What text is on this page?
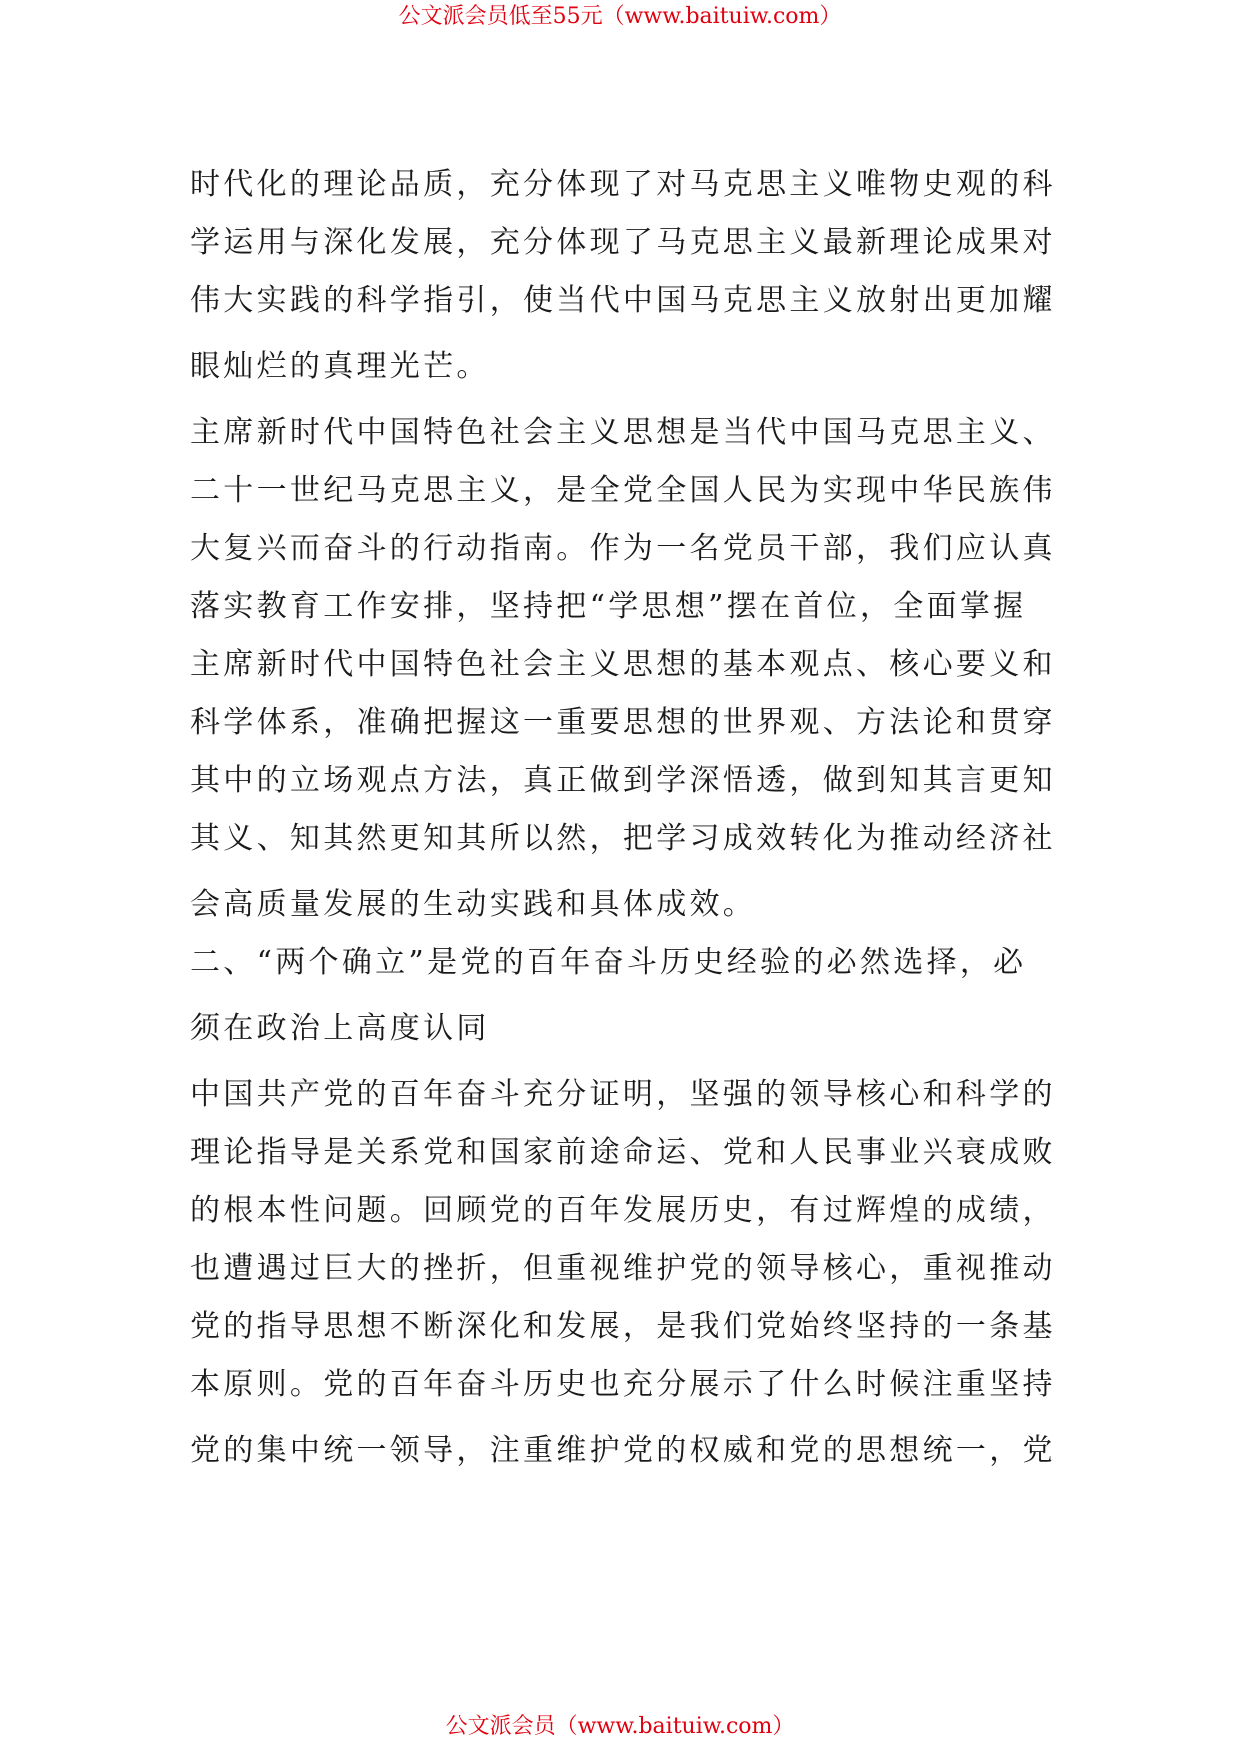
公文派会员低至55元（www.baituiw.com）
时代化的理论品质，充分体现了对马克思主义唯物史观的科
学运用与深化发展，充分体现了马克思主义最新理论成果对
伟大实践的科学指引，使当代中国马克思主义放射出更加耀
眼灿烂的真理光芒。
主席新时代中国特色社会主义思想是当代中国马克思主义、
二十一世纪马克思主义，是全党全国人民为实现中华民族伟
大复兴而奋斗的行动指南。作为一名党员干部，我们应认真
落实教育工作安排，坚持把“学思想”摆在首位，全面掌握
主席新时代中国特色社会主义思想的基本观点、核心要义和
科学体系，准确把握这一重要思想的世界观、方法论和贯穿
其中的立场观点方法，真正做到学深悟透，做到知其言更知
其义、知其然更知其所以然，把学习成效转化为推动经济社
会高质量发展的生动实践和具体成效。
二、“两个确立”是党的百年奋斗历史经验的必然选择，必
须在政治上高度认同
中国共产党的百年奋斗充分证明，坚强的领导核心和科学的
理论指导是关系党和国家前途命运、党和人民事业兴衰成败
的根本性问题。回顾党的百年发展历史，有过辉煌的成绩，
也遭遇过巨大的挫折，但重视维护党的领导核心，重视推动
党的指导思想不断深化和发展，是我们党始终坚持的一条基
本原则。党的百年奋斗历史也充分展示了什么时候注重坚持
党的集中统一领导，注重维护党的权威和党的思想统一，党
公文派会员（www.baituiw.com）
